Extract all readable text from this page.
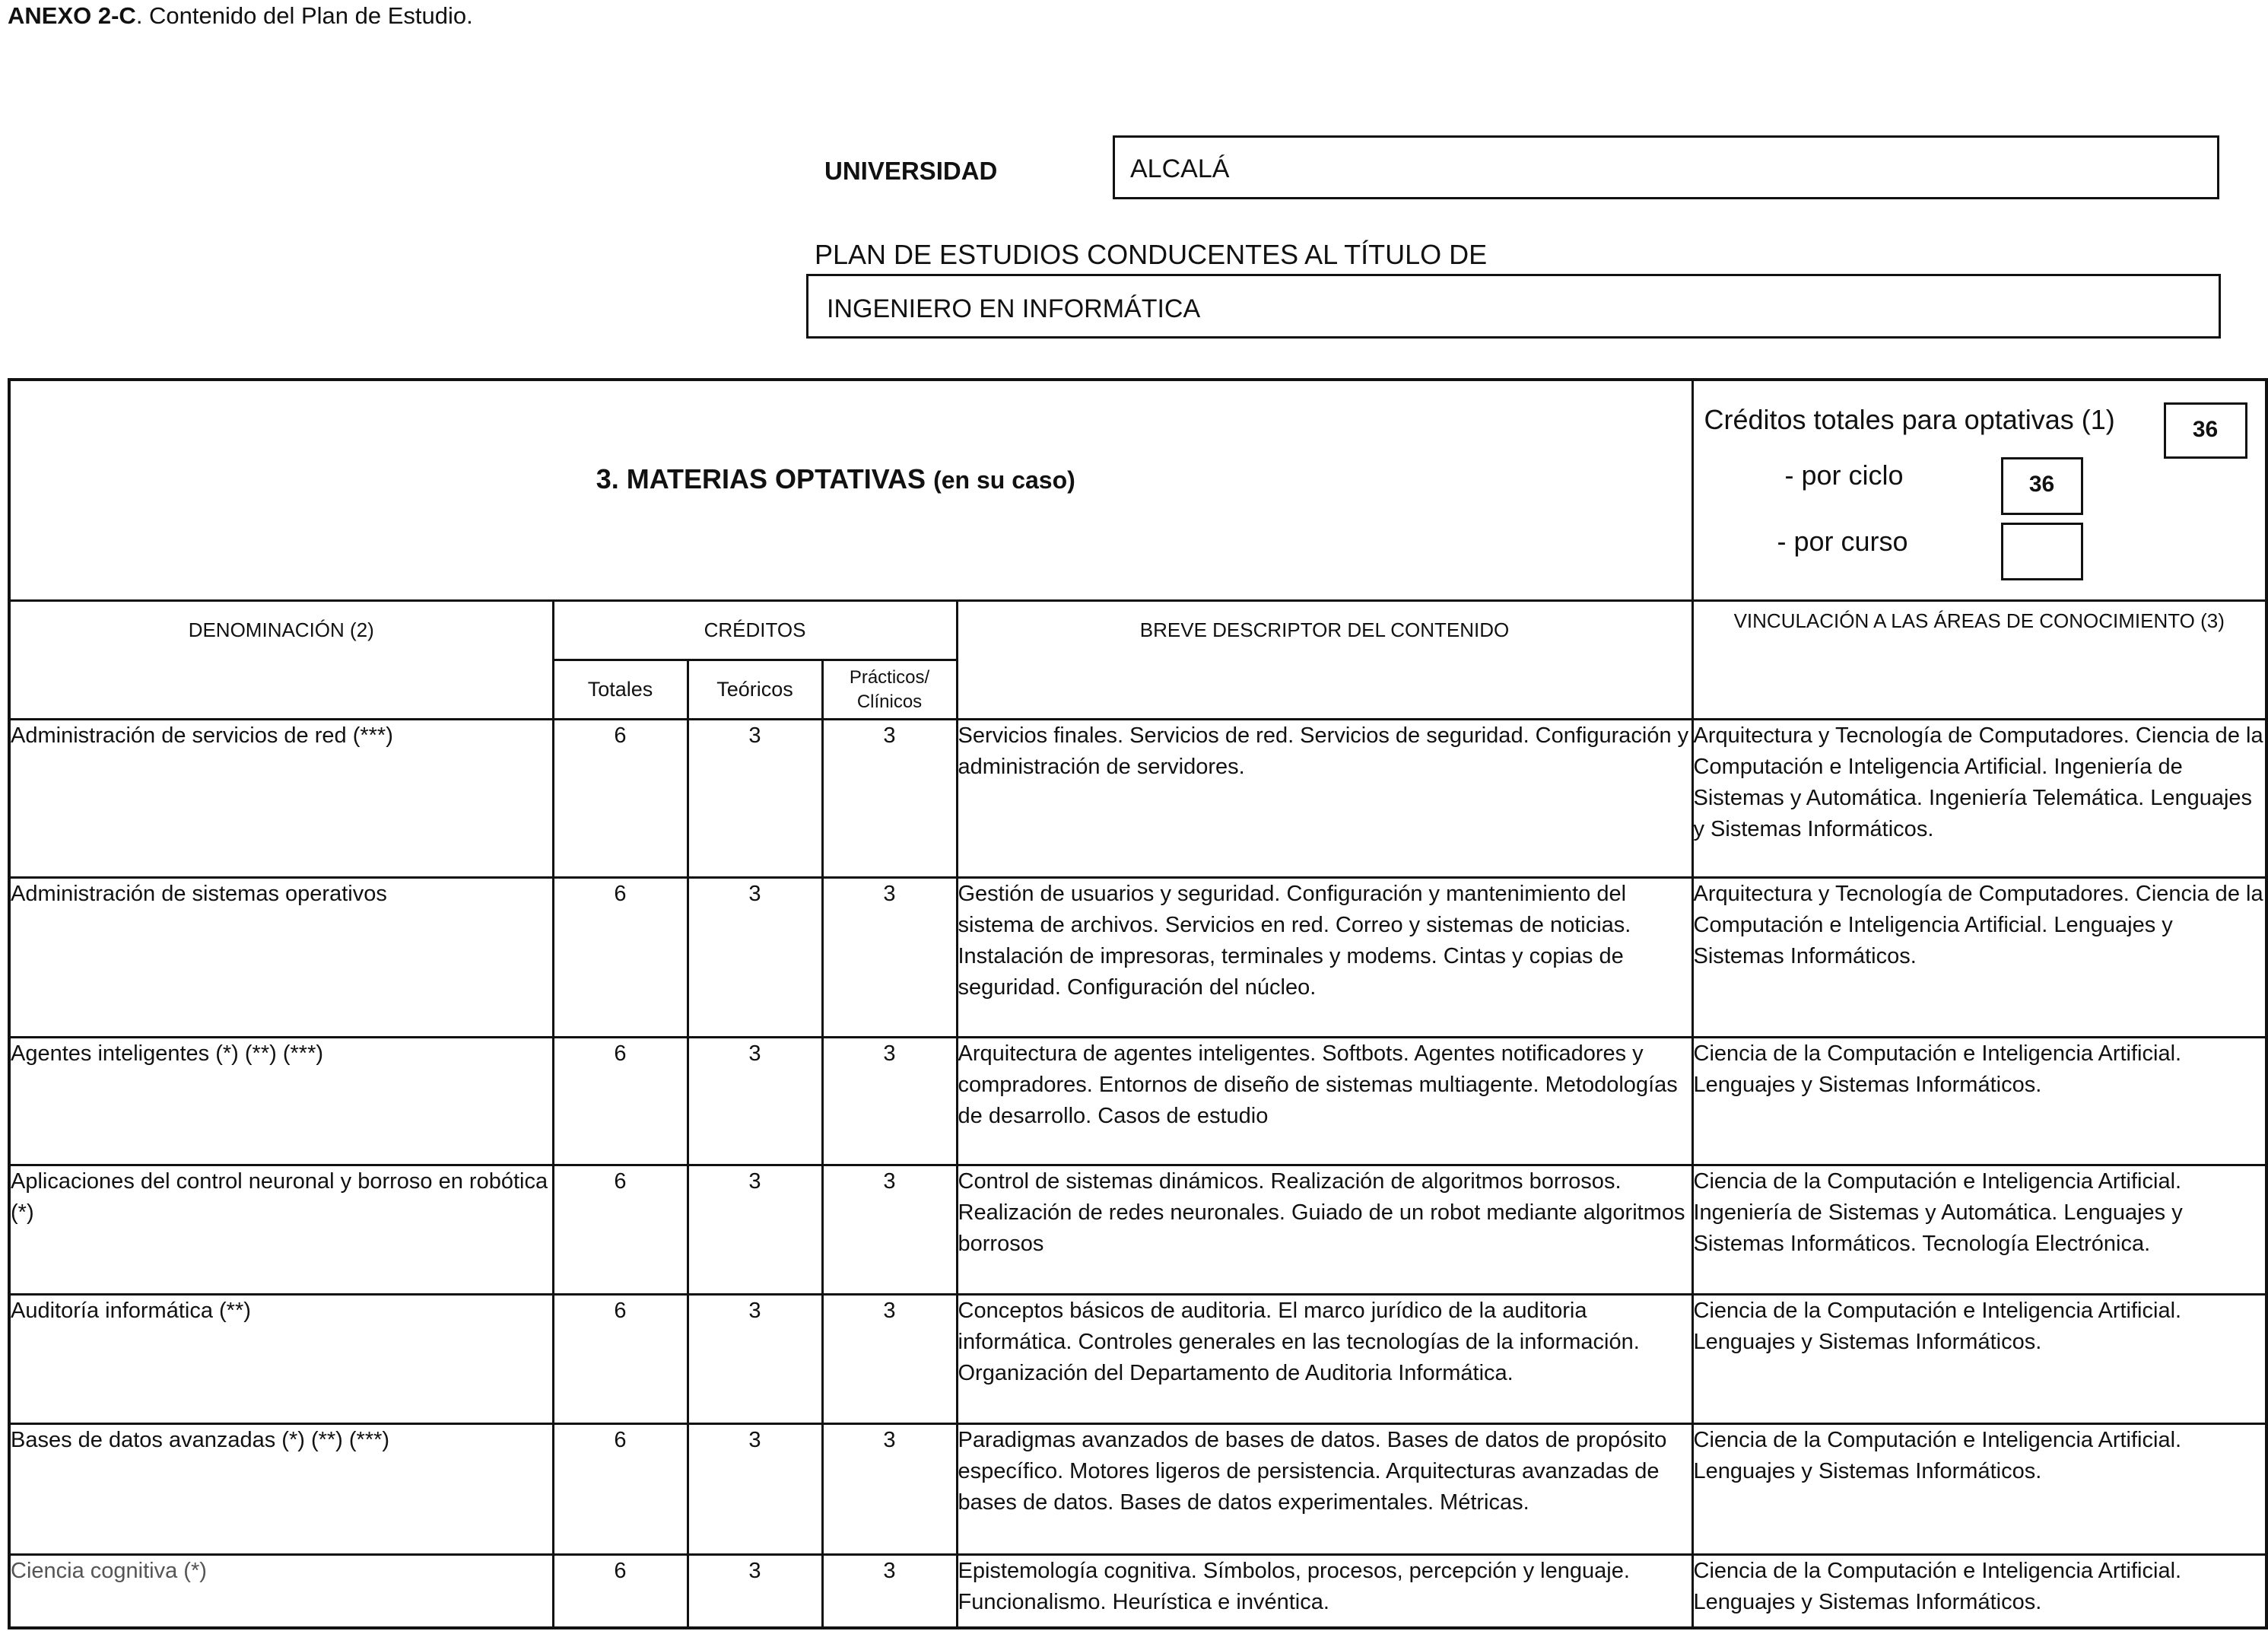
ANEXO 2-C. Contenido del Plan de Estudio.
UNIVERSIDAD	ALCALÁ
PLAN DE ESTUDIOS CONDUCENTES AL TÍTULO DE
INGENIERO EN INFORMÁTICA
3. MATERIAS OPTATIVAS (en su caso)					Créditos totales para optativas (1) 36
- por ciclo 36
- por curso

DENOMINACIÓN (2)	CRÉDITOS			BREVE DESCRIPTOR DEL CONTENIDO	VINCULACIÓN A LAS ÁREAS DE CONOCIMIENTO (3)
	Totales	Teóricos	Prácticos/ Clínicos		
Administración de servicios de red (***)	6	3	3	Servicios finales. Servicios de red. Servicios de seguridad. Configuración y administración de servidores.	Arquitectura y Tecnología de Computadores. Ciencia de la Computación e Inteligencia Artificial. Ingeniería de Sistemas y Automática. Ingeniería Telemática. Lenguajes y Sistemas Informáticos.
Administración de sistemas operativos	6	3	3	Gestión de usuarios y seguridad. Configuración y mantenimiento del sistema de archivos. Servicios en red. Correo y sistemas de noticias. Instalación de impresoras, terminales y modems. Cintas y copias de seguridad. Configuración del núcleo.	Arquitectura y Tecnología de Computadores. Ciencia de la Computación e Inteligencia Artificial. Lenguajes y Sistemas Informáticos.
Agentes inteligentes (*) (**) (***)	6	3	3	Arquitectura de agentes inteligentes. Softbots. Agentes notificadores y compradores. Entornos de diseño de sistemas multiagente. Metodologías de desarrollo. Casos de estudio	Ciencia de la Computación e Inteligencia Artificial. Lenguajes y Sistemas Informáticos.
Aplicaciones del control neuronal y borroso en robótica (*)	6	3	3	Control de sistemas dinámicos. Realización de algoritmos borrosos. Realización de redes neuronales. Guiado de un robot mediante algoritmos borrosos	Ciencia de la Computación e Inteligencia Artificial. Ingeniería de Sistemas y Automática. Lenguajes y Sistemas Informáticos. Tecnología Electrónica.
Auditoría informática (**)	6	3	3	Conceptos básicos de auditoria. El marco jurídico de la auditoria informática. Controles generales en las tecnologías de la información. Organización del Departamento de Auditoria Informática.	Ciencia de la Computación e Inteligencia Artificial. Lenguajes y Sistemas Informáticos.
Bases de datos avanzadas (*) (**) (***)	6	3	3	Paradigmas avanzados de bases de datos. Bases de datos de propósito específico. Motores ligeros de persistencia. Arquitecturas avanzadas de bases de datos. Bases de datos experimentales. Métricas.	Ciencia de la Computación e Inteligencia Artificial. Lenguajes y Sistemas Informáticos.
Ciencia cognitiva (*)	6	3	3	Epistemología cognitiva. Símbolos, procesos, percepción y lenguaje. Funcionalismo. Heurística e invéntica.	Ciencia de la Computación e Inteligencia Artificial. Lenguajes y Sistemas Informáticos.
